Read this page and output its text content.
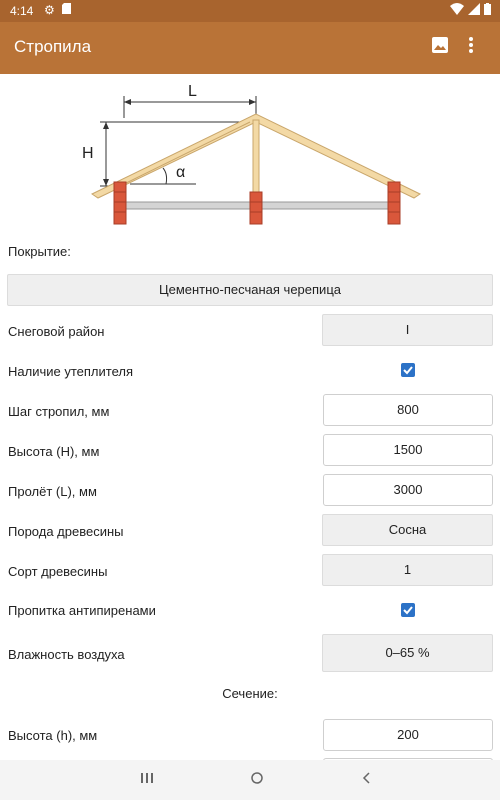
4:14 ⚙
Стропила
L
H
α
Покрытие:
Цементно-песчаная черепица
Снеговой район	I
Наличие утеплителя
Шаг стропил, мм	800
Высота (H), мм	1500
Пролёт (L), мм	3000
Порода древесины	Сосна
Сорт древесины	1
Пропитка антипиренами
Влажность воздуха	0–65 %
Сечение:
Высота (h), мм	200
